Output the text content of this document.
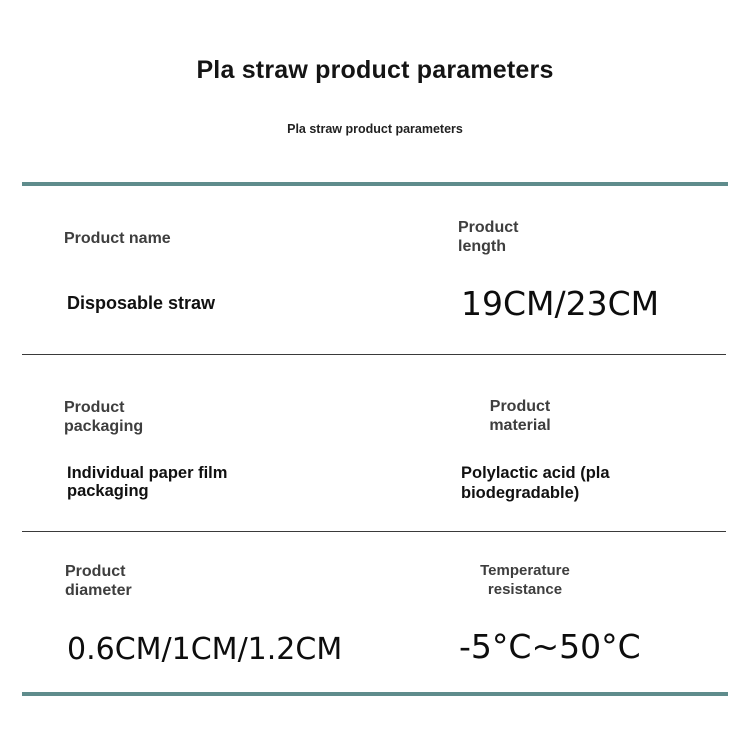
Pla straw product parameters
Pla straw product parameters
Product name
Product length
Disposable straw	19CM/23CM
Product packaging
Product material
Individual paper film packaging
Polylactic acid (pla biodegradable)
Product diameter
Temperature resistance
0.6CM/1CM/1.2CM	-5°C~50°C
